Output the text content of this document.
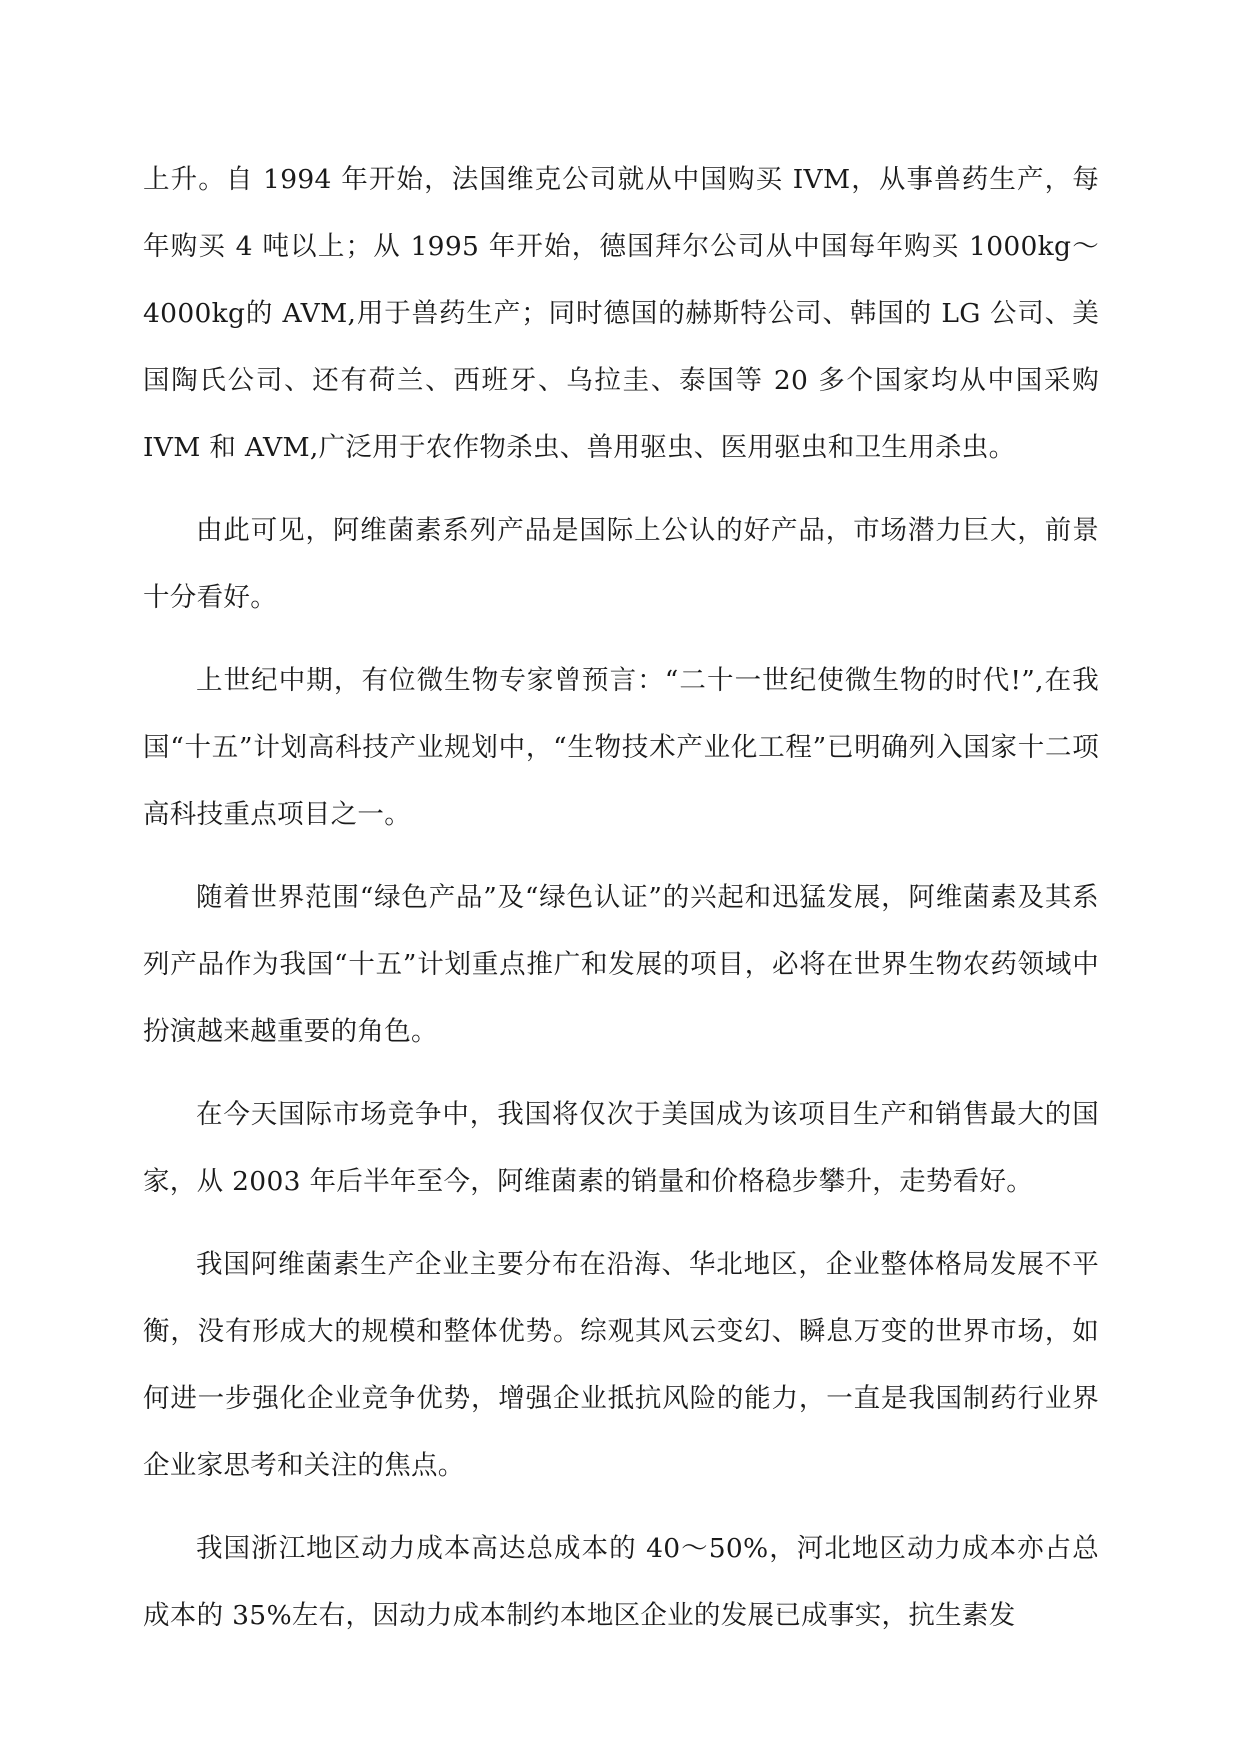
上升。自 1994 年开始，法国维克公司就从中国购买 IVM，从事兽药生产，每年购买 4 吨以上；从 1995 年开始，德国拜尔公司从中国每年购买 1000kg～4000kg的 AVM,用于兽药生产；同时德国的赫斯特公司、韩国的 LG 公司、美国陶氏公司、还有荷兰、西班牙、乌拉圭、泰国等 20 多个国家均从中国采购 IVM 和 AVM,广泛用于农作物杀虫、兽用驱虫、医用驱虫和卫生用杀虫。

由此可见，阿维菌素系列产品是国际上公认的好产品，市场潜力巨大，前景十分看好。

上世纪中期，有位微生物专家曾预言：“二十一世纪使微生物的时代!”,在我国“十五”计划高科技产业规划中，“生物技术产业化工程”已明确列入国家十二项高科技重点项目之一。

随着世界范围“绿色产品”及“绿色认证”的兴起和迅猛发展，阿维菌素及其系列产品作为我国“十五”计划重点推广和发展的项目，必将在世界生物农药领域中扮演越来越重要的角色。

在今天国际市场竞争中，我国将仅次于美国成为该项目生产和销售最大的国家，从 2003 年后半年至今，阿维菌素的销量和价格稳步攀升，走势看好。

我国阿维菌素生产企业主要分布在沿海、华北地区，企业整体格局发展不平衡，没有形成大的规模和整体优势。综观其风云变幻、瞬息万变的世界市场，如何进一步强化企业竞争优势，增强企业抵抗风险的能力，一直是我国制药行业界企业家思考和关注的焦点。

我国浙江地区动力成本高达总成本的 40～50%，河北地区动力成本亦占总成本的 35%左右，因动力成本制约本地区企业的发展已成事实，抗生素发
